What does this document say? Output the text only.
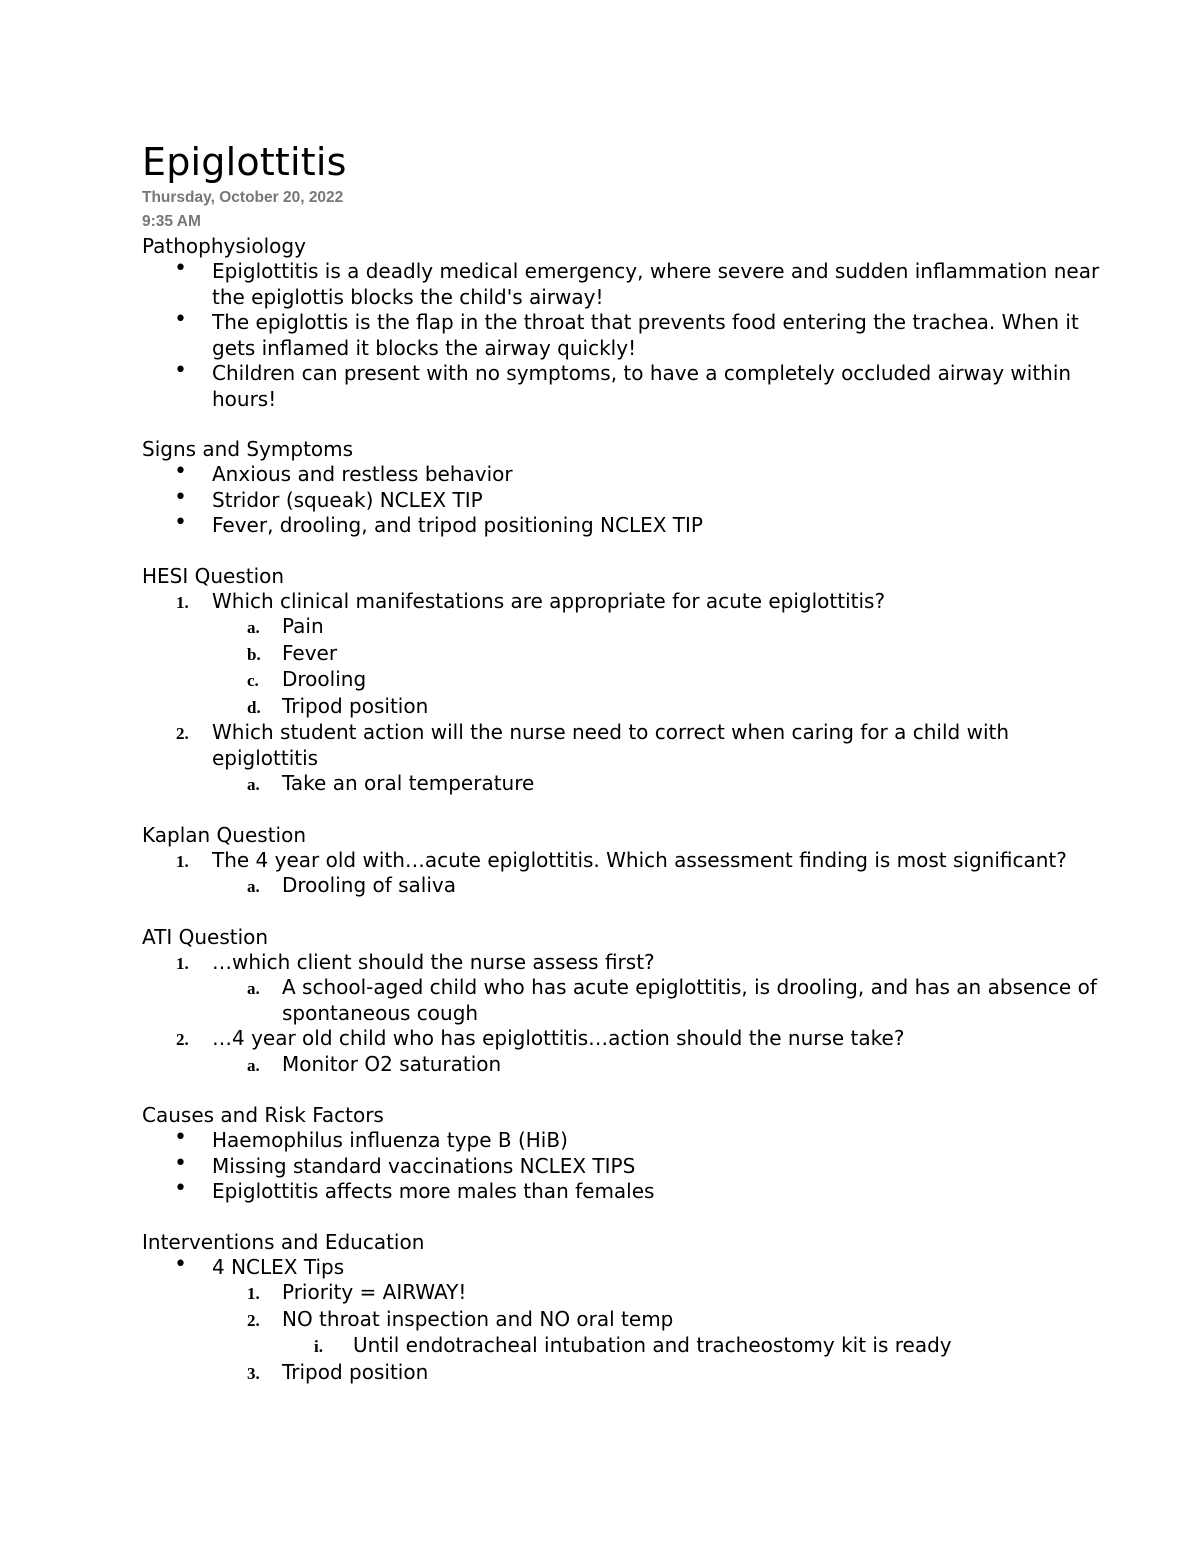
Epiglottitis
Thursday, October 20, 2022
9:35 AM
Pathophysiology
• Epiglottitis is a deadly medical emergency, where severe and sudden inflammation near the epiglottis blocks the child's airway!
• The epiglottis is the flap in the throat that prevents food entering the trachea. When it gets inflamed it blocks the airway quickly!
• Children can present with no symptoms, to have a completely occluded airway within hours!
Signs and Symptoms
• Anxious and restless behavior
• Stridor (squeak) NCLEX TIP
• Fever, drooling, and tripod positioning NCLEX TIP
HESI Question
1. Which clinical manifestations are appropriate for acute epiglottitis?
a. Pain
b. Fever
c. Drooling
d. Tripod position
2. Which student action will the nurse need to correct when caring for a child with epiglottitis
a. Take an oral temperature
Kaplan Question
1. The 4 year old with…acute epiglottitis. Which assessment finding is most significant?
a. Drooling of saliva
ATI Question
1. …which client should the nurse assess first?
a. A school-aged child who has acute epiglottitis, is drooling, and has an absence of spontaneous cough
2. …4 year old child who has epiglottitis…action should the nurse take?
a. Monitor O2 saturation
Causes and Risk Factors
• Haemophilus influenza type B (HiB)
• Missing standard vaccinations NCLEX TIPS
• Epiglottitis affects more males than females
Interventions and Education
• 4 NCLEX Tips
1. Priority = AIRWAY!
2. NO throat inspection and NO oral temp
i. Until endotracheal intubation and tracheostomy kit is ready
3. Tripod position
